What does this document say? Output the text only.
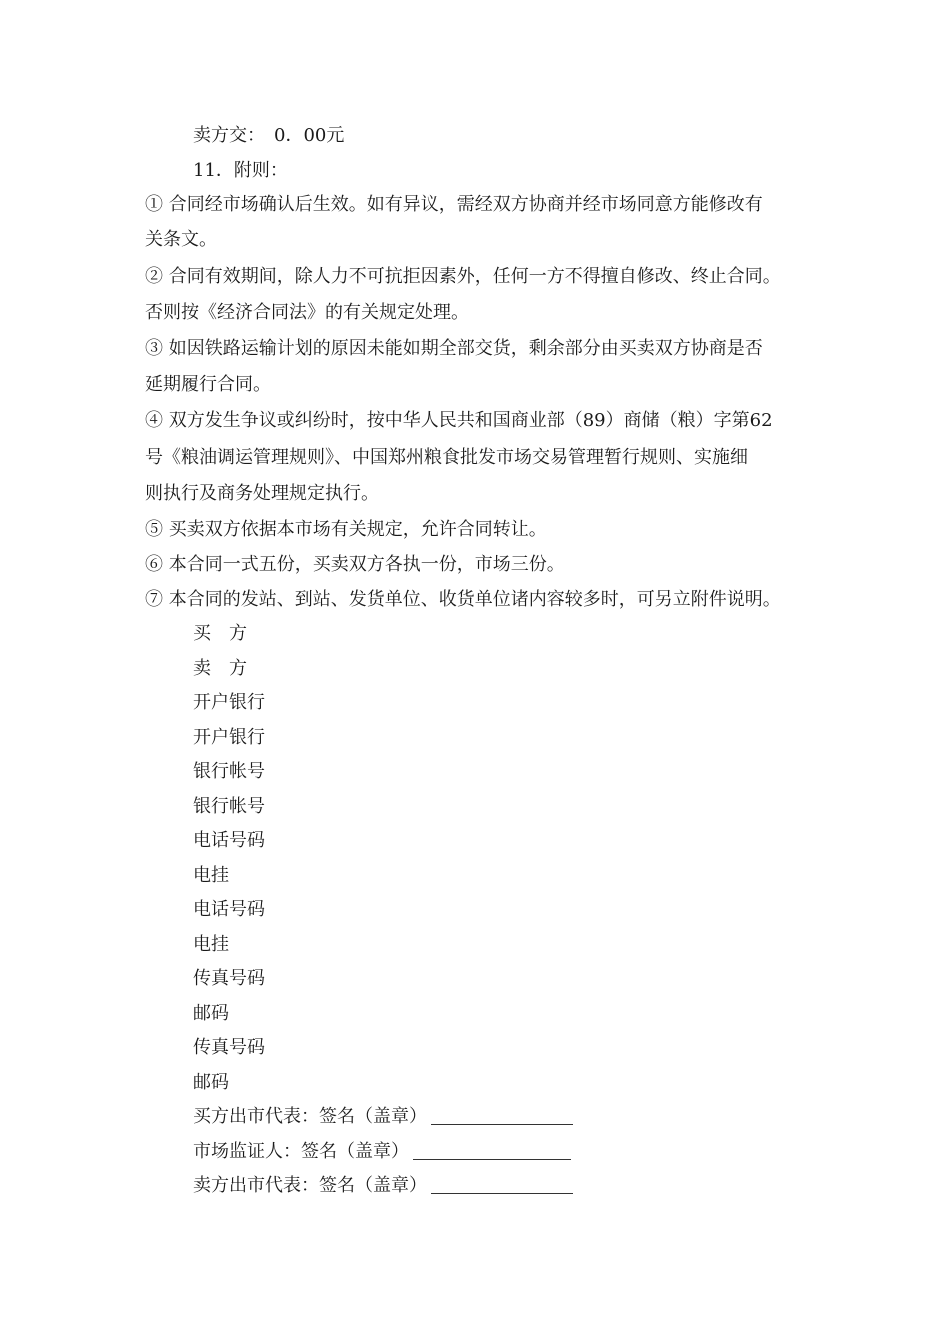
卖方交：　0．00元
11．附则：
① 合同经市场确认后生效。如有异议，需经双方协商并经市场同意方能修改有
关条文。
② 合同有效期间，除人力不可抗拒因素外，任何一方不得擅自修改、终止合同。
否则按《经济合同法》的有关规定处理。
③ 如因铁路运输计划的原因未能如期全部交货，剩余部分由买卖双方协商是否
延期履行合同。
④ 双方发生争议或纠纷时，按中华人民共和国商业部（89）商储（粮）字第62
号《粮油调运管理规则》、中国郑州粮食批发市场交易管理暂行规则、实施细
则执行及商务处理规定执行。
⑤ 买卖双方依据本市场有关规定，允许合同转让。
⑥ 本合同一式五份，买卖双方各执一份，市场三份。
⑦ 本合同的发站、到站、发货单位、收货单位诸内容较多时，可另立附件说明。
买　方
卖　方
开户银行
开户银行
银行帐号
银行帐号
电话号码
电挂
电话号码
电挂
传真号码
邮码
传真号码
邮码
买方出市代表：签名（盖章）
市场监证人：签名（盖章）
卖方出市代表：签名（盖章）
